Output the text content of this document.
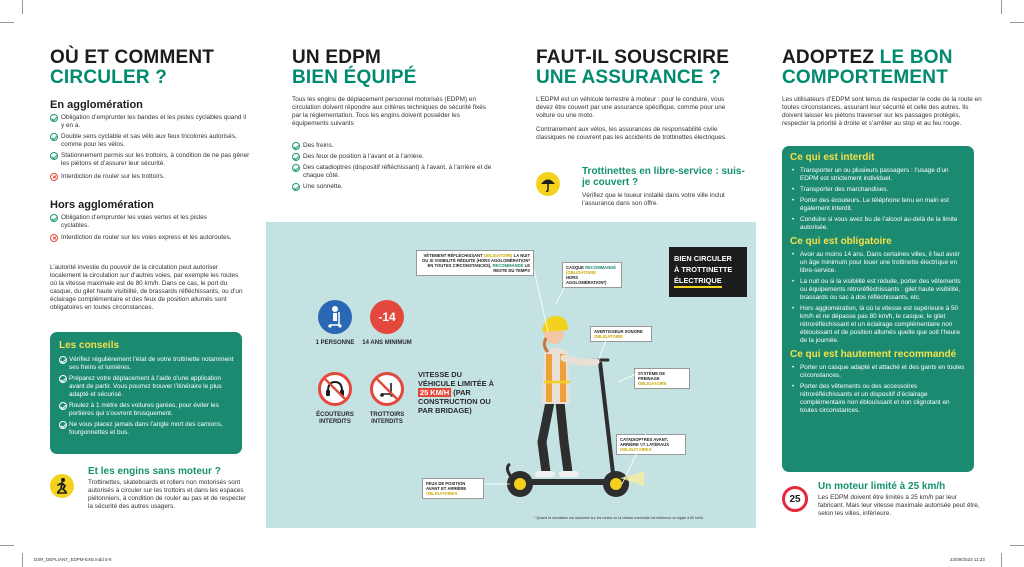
OÙ ET COMMENT
CIRCULER ?
En agglomération
Obligation d’emprunter les bandes et les pistes cyclables quand il y en a.
Double sens cyclable et sas vélo aux feux tricolores autorisés, comme pour les vélos.
Stationnement permis sur les trottoirs, à condition de ne pas gêner les piétons et d’assurer leur sécurité.
Interdiction de rouler sur les trottoirs.
Hors agglomération
Obligation d’emprunter les voies vertes et les pistes cyclables.
Interdiction de rouler sur les voies express et les autoroutes.
L’autorité investie du pouvoir de la circulation peut autoriser localement la circulation sur d’autres voies, par exemple les routes où la vitesse maximale est de 80 km/h. Dans ce cas, le port du casque, du gilet haute visibilité, de brassards réfléchissants, ou d’un éclairage complémentaire et des feux de position allumés sont obligatoires en toutes circonstances.
Les conseils
Vérifiez régulièrement l’état de votre trottinette notamment ses freins et lumières.
Préparez votre déplacement à l’aide d’une application avant de partir. Vous pourrez trouver l’itinéraire le plus adapté et sécurisé.
Roulez à 1 mètre des voitures garées, pour éviter les portières qui s’ouvrent brusquement.
Ne vous placez jamais dans l’angle mort des camions, fourgonnettes et bus.
Et les engins sans moteur ?
Trottinettes, skateboards et rollers non motorisés sont autorisés à circuler sur les trottoirs et dans les espaces piétonniers, à condition de rouler au pas et de respecter la sécurité des autres usagers.
UN EDPM
BIEN ÉQUIPÉ
Tous les engins de déplacement personnel motorisés (EDPM) en circulation doivent répondre aux critères techniques de sécurité fixés par la réglementation. Tous les engins doivent posséder les équipements suivants
Des freins.
Des feux de position à l’avant et à l’arrière.
Des catadioptres (dispositif réfléchissant) à l’avant, à l’arrière et de chaque côté.
Une sonnette.
FAUT-IL SOUSCRIRE
UNE ASSURANCE ?
L’EDPM est un véhicule terrestre à moteur : pour le conduire, vous devez être couvert par une assurance spécifique, comme pour une voiture ou une moto.
Contrairement aux vélos, les assurances de responsabilité civile classiques ne couvrent pas les accidents de trottinettes électriques.
Trottinettes en libre-service : suis-je couvert ?
Vérifiez que le loueur installé dans votre ville inclut l’assurance dans son offre.
ADOPTEZ LE BON COMPORTEMENT
Les utilisateurs d’EDPM sont tenus de respecter le code de la route en toutes circonstances, assurant leur sécurité et celle des autres. Ils doivent laisser les piétons traverser sur les passages protégés, respecter la priorité à droite et s’arrêter au stop et au feu rouge.
Ce qui est interdit
• Transporter un ou plusieurs passagers : l’usage d’un EDPM est strictement individuel.
• Transporter des marchandises.
• Porter des écouteurs. Le téléphone tenu en main est également interdit.
• Conduire si vous avez bu de l’alcool au-delà de la limite autorisée.
Ce qui est obligatoire
• Avoir au moins 14 ans. Dans certaines villes, il faut avoir un âge minimum pour louer une trottinette électrique en libre-service.
• La nuit ou si la visibilité est réduite, porter des vêtements ou équipements rétroréfléchissants : gilet haute visibilité, brassards ou sac à dos réfléchissants, etc.
• Hors agglomération, là où la vitesse est supérieure à 50 km/h et ne dépasse pas 80 km/h, le casque, le gilet rétroréfléchissant et un éclairage complémentaire non éblouissant et de position allumés quelle que soit l’heure de la journée.
Ce qui est hautement recommandé
• Porter un casque adapté et attaché et des gants en toutes circonstances.
• Porter des vêtements ou des accessoires rétroréfléchissants et un dispositif d’éclairage complémentaire non éblouissant et non clignotant en toutes circonstances.
25
Un moteur limité à 25 km/h
Les EDPM doivent être limités à 25 km/h par leur fabricant. Mais leur vitesse maximale autorisée peut être, selon les villes, inférieure.
BIEN CIRCULER
À TROTTINETTE
ÉLECTRIQUE
1 PERSONNE
-14
14 ANS MINIMUM
ÉCOUTEURS INTERDITS
TROTTOIRS INTERDITS
VITESSE DU VÉHICULE LIMITÉE À 25 KM/H (PAR CONSTRUCTION OU PAR BRIDAGE)
VÊTEMENT RÉFLÉCHISSANT OBLIGATOIRE LA NUIT OU SI VISIBILITÉ RÉDUITE (HORS AGGLOMÉRATION* EN TOUTES CIRCONSTANCES), RECOMMANDÉ LE RESTE DU TEMPS
CASQUE RECOMMANDÉ
(OBLIGATOIRE
HORS AGGLOMÉRATION*)
AVERTISSEUR SONORE
OBLIGATOIRE
SYSTÈME DE FREINAGE
OBLIGATOIRE
CATADIOPTRES AVANT, ARRIÈRE ET LATÉRAUX OBLIGATOIRES
FEUX DE POSITION AVANT ET ARRIÈRE OBLIGATOIRES
* Quand la circulation est autorisée sur les routes où la vitesse maximale est inférieure ou égale à 80 km/h.
DSR_DEPLIANT_EDPM-EXE.indd 5-8	22/09/2023 11:33
